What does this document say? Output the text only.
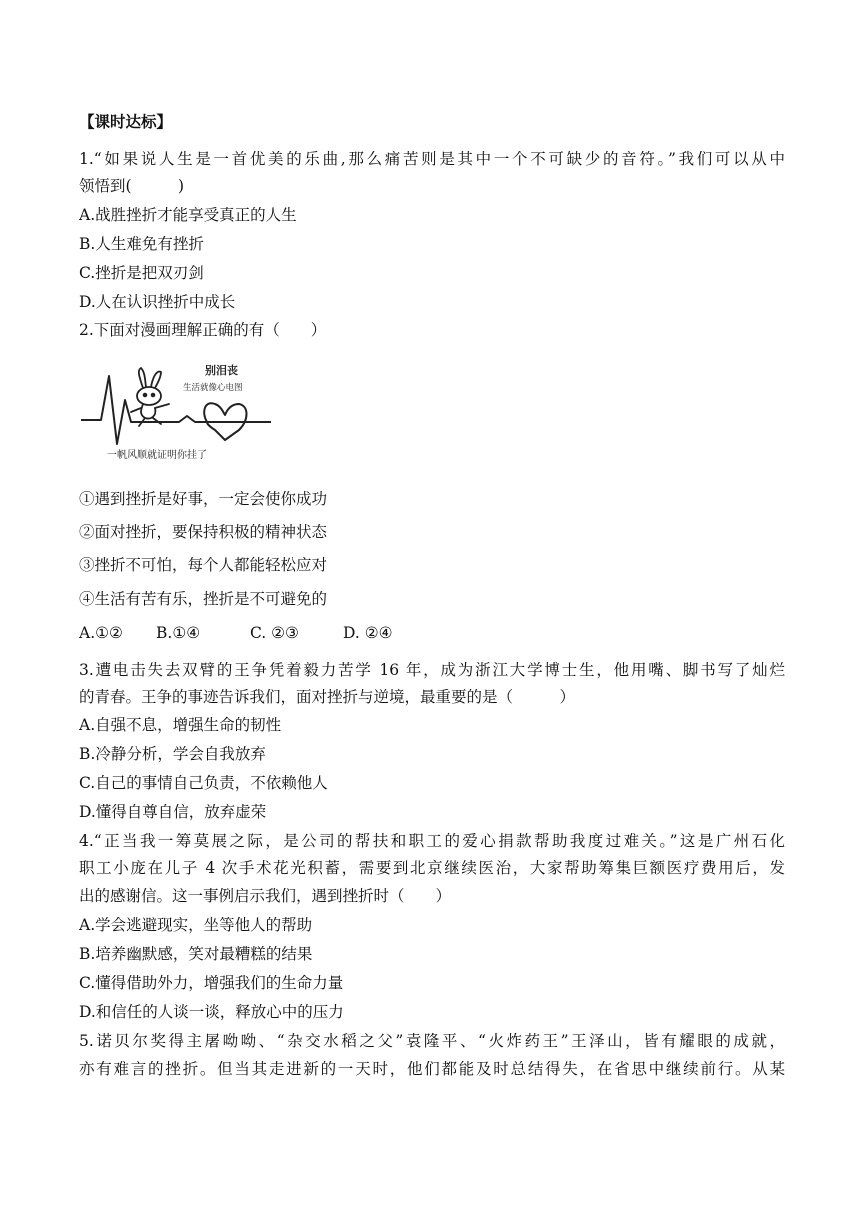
【课时达标】
1.“如果说人生是一首优美的乐曲,那么痛苦则是其中一个不可缺少的音符。”我们可以从中
领悟到(　　　)
A.战胜挫折才能享受真正的人生
B.人生难免有挫折
C.挫折是把双刃剑
D.人在认识挫折中成长
2.下面对漫画理解正确的有（　　）
别泪丧
生活就像心电图
一帆风顺就证明你挂了
①遇到挫折是好事，一定会使你成功
②面对挫折，要保持积极的精神状态
③挫折不可怕，每个人都能轻松应对
④生活有苦有乐，挫折是不可避免的
A.①② B.①④	C. ②③	D. ②④
3.遭电击失去双臂的王争凭着毅力苦学 16 年，成为浙江大学博士生，他用嘴、脚书写了灿烂
的青春。王争的事迹告诉我们，面对挫折与逆境，最重要的是（　　　）
A.自强不息，增强生命的韧性
B.冷静分析，学会自我放弃
C.自己的事情自己负责，不依赖他人
D.懂得自尊自信，放弃虚荣
4.“正当我一筹莫展之际，是公司的帮扶和职工的爱心捐款帮助我度过难关。”这是广州石化
职工小庞在儿子 4 次手术花光积蓄，需要到北京继续医治，大家帮助筹集巨额医疗费用后，发
出的感谢信。这一事例启示我们，遇到挫折时（　　）
A.学会逃避现实，坐等他人的帮助
B.培养幽默感，笑对最糟糕的结果
C.懂得借助外力，增强我们的生命力量
D.和信任的人谈一谈，释放心中的压力
5.诺贝尔奖得主屠呦呦、“杂交水稻之父”袁隆平、“火炸药王”王泽山，皆有耀眼的成就，
亦有难言的挫折。但当其走进新的一天时，他们都能及时总结得失，在省思中继续前行。从某
